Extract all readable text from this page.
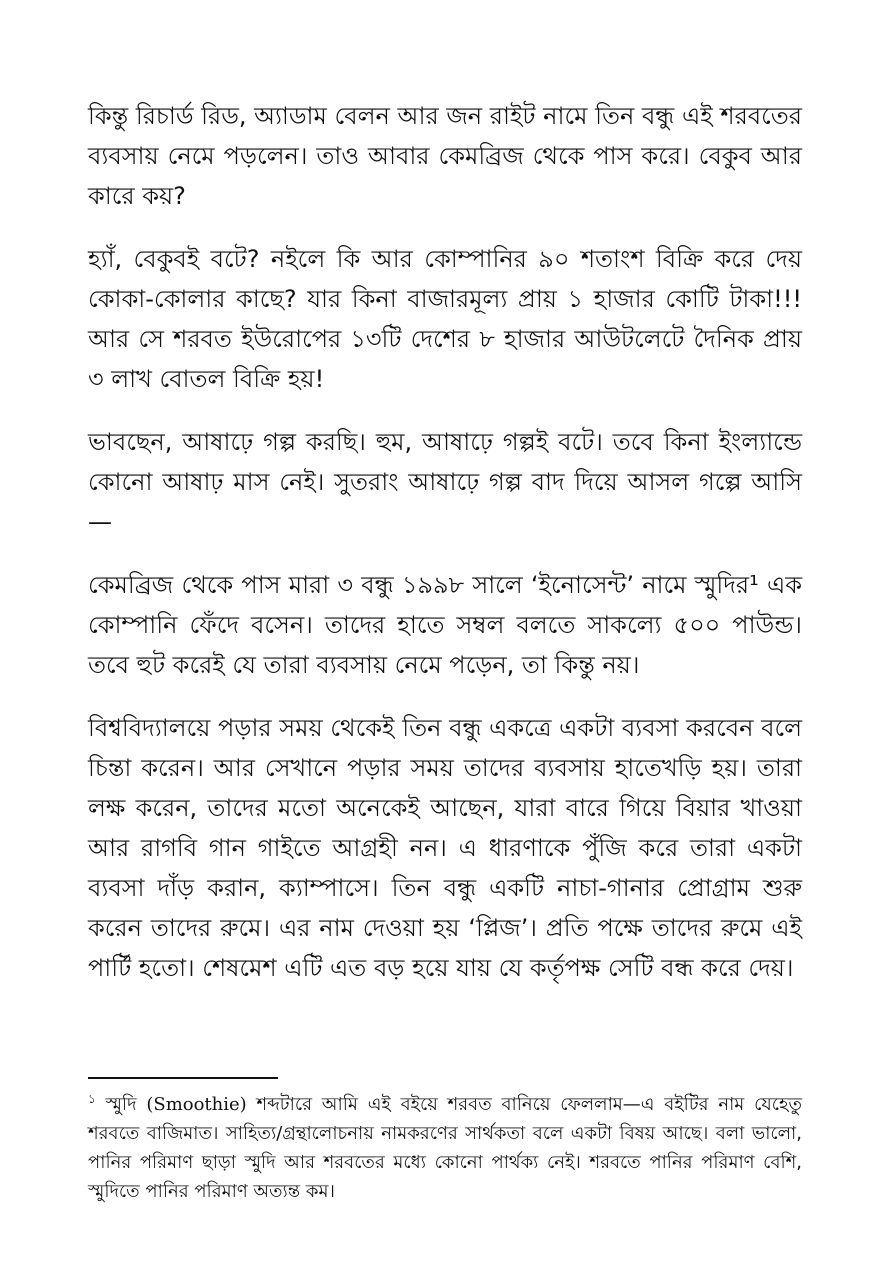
কিন্তু রিচার্ড রিড, অ্যাডাম বেলন আর জন রাইট নামে তিন বন্ধু এই শরবতের ব্যবসায় নেমে পড়লেন। তাও আবার কেমব্রিজ থেকে পাস করে। বেকুব আর কারে কয়?

হ্যাঁ, বেকুবই বটে? নইলে কি আর কোম্পানির ৯০ শতাংশ বিক্রি করে দেয় কোকা-কোলার কাছে? যার কিনা বাজারমূল্য প্রায় ১ হাজার কোটি টাকা!!! আর সে শরবত ইউরোপের ১৩টি দেশের ৮ হাজার আউটলেটে দৈনিক প্রায় ৩ লাখ বোতল বিক্রি হয়!

ভাবছেন, আষাঢ়ে গল্প করছি। হুম, আষাঢ়ে গল্পই বটে। তবে কিনা ইংল্যান্ডে কোনো আষাঢ় মাস নেই। সুতরাং আষাঢ়ে গল্প বাদ দিয়ে আসল গল্পে আসি—

কেমব্রিজ থেকে পাস মারা ৩ বন্ধু ১৯৯৮ সালে ‘ইনোসেন্ট’ নামে স্মুদির¹ এক কোম্পানি ফেঁদে বসেন। তাদের হাতে সম্বল বলতে সাকল্যে ৫০০ পাউন্ড। তবে হুট করেই যে তারা ব্যবসায় নেমে পড়েন, তা কিন্তু নয়।

বিশ্ববিদ্যালয়ে পড়ার সময় থেকেই তিন বন্ধু একত্রে একটা ব্যবসা করবেন বলে চিন্তা করেন। আর সেখানে পড়ার সময় তাদের ব্যবসায় হাতেখড়ি হয়। তারা লক্ষ করেন, তাদের মতো অনেকেই আছেন, যারা বারে গিয়ে বিয়ার খাওয়া আর রাগবি গান গাইতে আগ্রহী নন। এ ধারণাকে পুঁজি করে তারা একটা ব্যবসা দাঁড় করান, ক্যাম্পাসে। তিন বন্ধু একটি নাচা-গানার প্রোগ্রাম শুরু করেন তাদের রুমে। এর নাম দেওয়া হয় ‘প্লিজ’। প্রতি পক্ষে তাদের রুমে এই পার্টি হতো। শেষমেশ এটি এত বড় হয়ে যায় যে কর্তৃপক্ষ সেটি বন্ধ করে দেয়।

$^১$ স্মুদি (Smoothie) শব্দটারে আমি এই বইয়ে শরবত বানিয়ে ফেললাম—এ বইটির নাম যেহেতু শরবতে বাজিমাত। সাহিত্য/গ্রন্থালোচনায় নামকরণের সার্থকতা বলে একটা বিষয় আছে। বলা ভালো, পানির পরিমাণ ছাড়া স্মুদি আর শরবতের মধ্যে কোনো পার্থক্য নেই। শরবতে পানির পরিমাণ বেশি, স্মুদিতে পানির পরিমাণ অত্যন্ত কম।
